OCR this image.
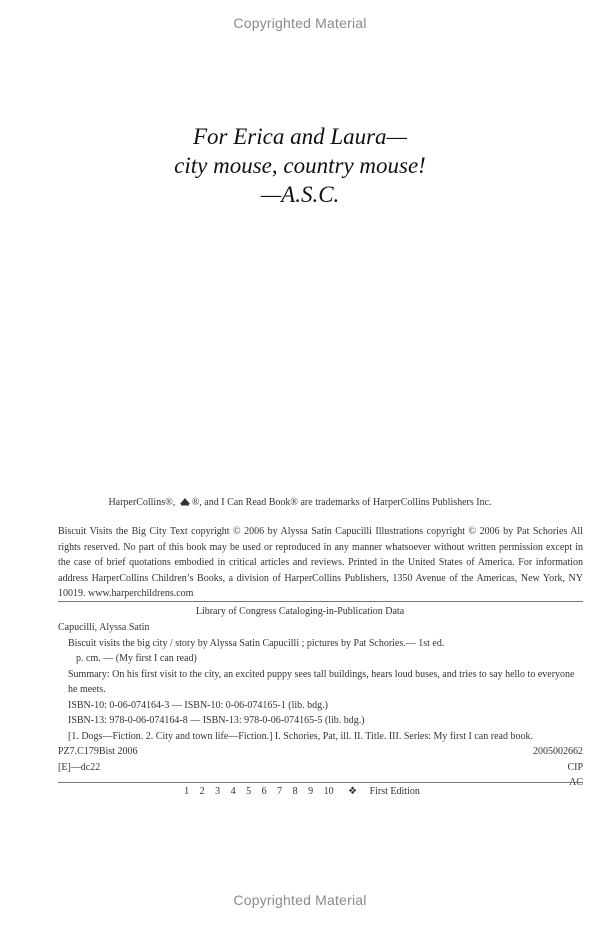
Copyrighted Material
For Erica and Laura—
city mouse, country mouse!
—A.S.C.
HarperCollins®, ®, and I Can Read Book® are trademarks of HarperCollins Publishers Inc.
Biscuit Visits the Big City Text copyright © 2006 by Alyssa Satin Capucilli Illustrations copyright © 2006 by Pat Schories All rights reserved. No part of this book may be used or reproduced in any manner whatsoever without written permission except in the case of brief quotations embodied in critical articles and reviews. Printed in the United States of America. For information address HarperCollins Children’s Books, a division of HarperCollins Publishers, 1350 Avenue of the Americas, New York, NY 10019. www.harperchildrens.com
Library of Congress Cataloging-in-Publication Data
Capucilli, Alyssa Satin
Biscuit visits the big city / story by Alyssa Satin Capucilli ; pictures by Pat Schories.— 1st ed.
p. cm. — (My first I can read)
Summary: On his first visit to the city, an excited puppy sees tall buildings, hears loud buses, and tries to say hello to everyone he meets.
ISBN-10: 0-06-074164-3 — ISBN-10: 0-06-074165-1 (lib. bdg.)
ISBN-13: 978-0-06-074164-8 — ISBN-13: 978-0-06-074165-5 (lib. bdg.)
[1. Dogs—Fiction. 2. City and town life—Fiction.] I. Schories, Pat, ill. II. Title. III. Series: My first I can read book.
PZ7.C179Bist 2006	2005002662
[E]—dc22	CIP
AC
1 2 3 4 5 6 7 8 9 10 ❖ First Edition
Copyrighted Material
